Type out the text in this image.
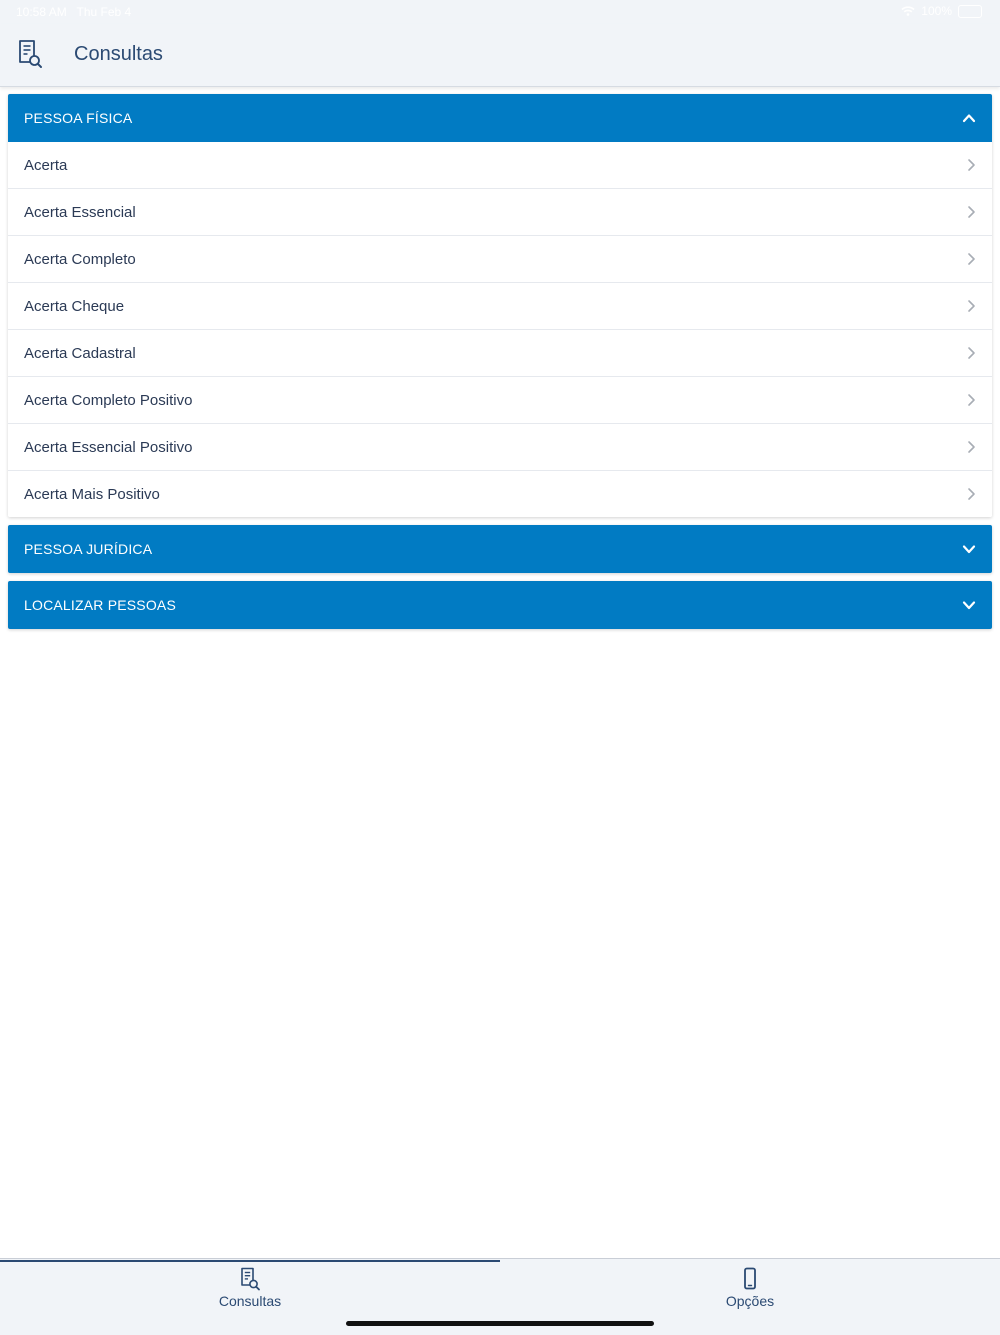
10:58 AM Thu Feb 4	100%
Consultas
PESSOA FÍSICA
Acerta
Acerta Essencial
Acerta Completo
Acerta Cheque
Acerta Cadastral
Acerta Completo Positivo
Acerta Essencial Positivo
Acerta Mais Positivo
PESSOA JURÍDICA
LOCALIZAR PESSOAS
Consultas	Opções
